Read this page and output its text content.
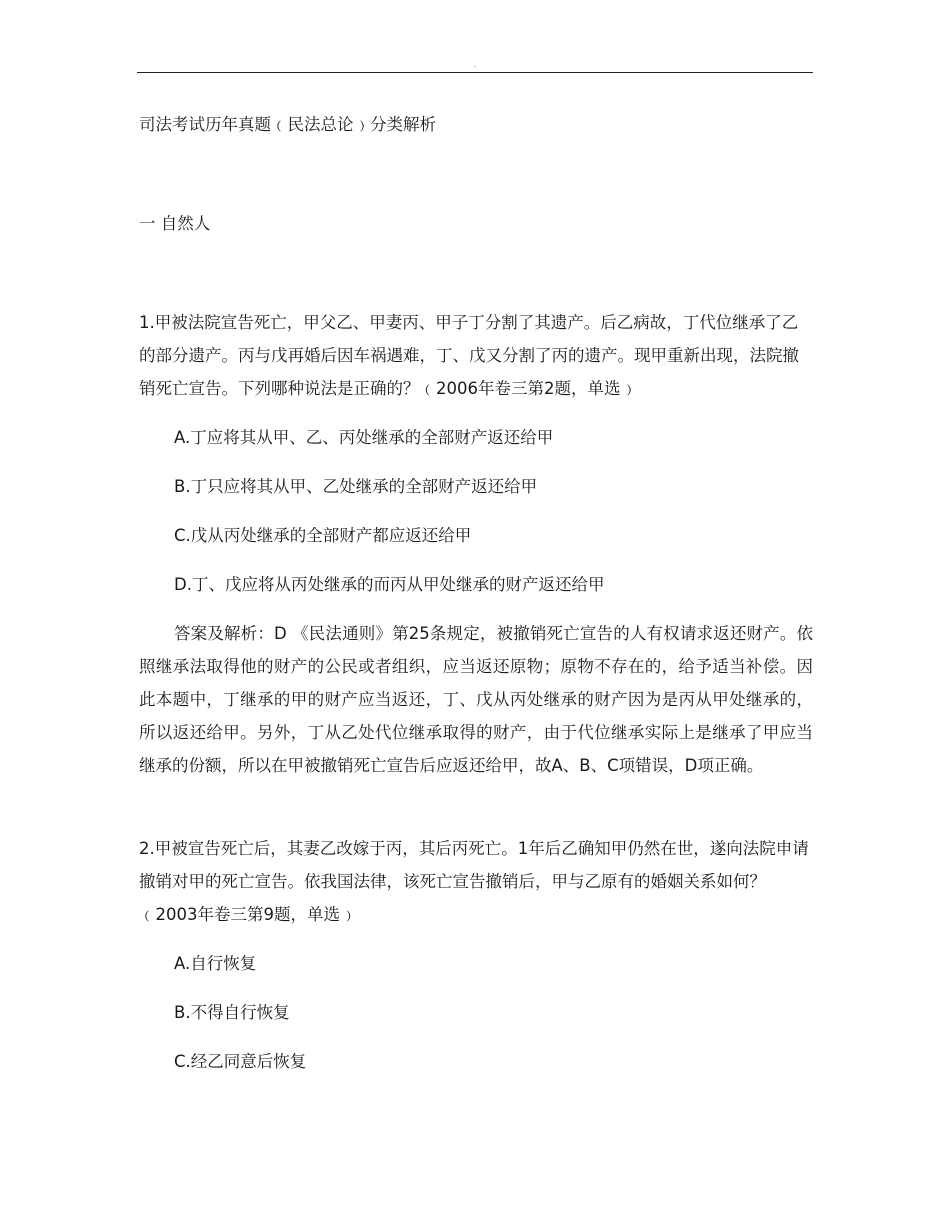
.

司法考试历年真题﹙民法总论﹚分类解析

一 自然人

1.甲被法院宣告死亡，甲父乙、甲妻丙、甲子丁分割了其遗产。后乙病故，丁代位继承了乙的部分遗产。丙与戊再婚后因车祸遇难，丁、戊又分割了丙的遗产。现甲重新出现，法院撤销死亡宣告。下列哪种说法是正确的？﹙2006年卷三第2题，单选﹚

A.丁应将其从甲、乙、丙处继承的全部财产返还给甲

B.丁只应将其从甲、乙处继承的全部财产返还给甲

C.戊从丙处继承的全部财产都应返还给甲

D.丁、戊应将从丙处继承的而丙从甲处继承的财产返还给甲

答案及解析：D 《民法通则》第25条规定，被撤销死亡宣告的人有权请求返还财产。依照继承法取得他的财产的公民或者组织，应当返还原物；原物不存在的，给予适当补偿。因此本题中，丁继承的甲的财产应当返还，丁、戊从丙处继承的财产因为是丙从甲处继承的，所以返还给甲。另外，丁从乙处代位继承取得的财产，由于代位继承实际上是继承了甲应当继承的份额，所以在甲被撤销死亡宣告后应返还给甲，故A、B、C项错误，D项正确。

2.甲被宣告死亡后，其妻乙改嫁于丙，其后丙死亡。1年后乙确知甲仍然在世，遂向法院申请撤销对甲的死亡宣告。依我国法律，该死亡宣告撤销后，甲与乙原有的婚姻关系如何？﹙2003年卷三第9题，单选﹚

A.自行恢复

B.不得自行恢复

C.经乙同意后恢复
